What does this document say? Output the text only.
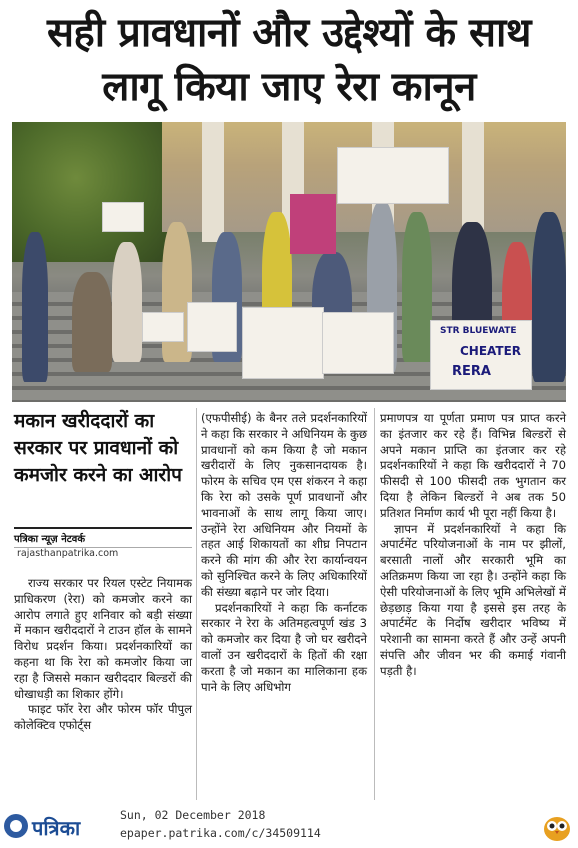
सही प्रावधानों और उद्देश्यों के साथ
लागू किया जाए रेरा कानून
STR BLUEWATE
CHEATER
RERA
मकान खरीददारों का सरकार पर प्रावधानों को कमजोर करने का आरोप
पत्रिका न्यूज़ नेटवर्क
rajasthanpatrika.com

राज्य सरकार पर रियल एस्टेट नियामक प्राधिकरण (रेरा) को कमजोर करने का आरोप लगाते हुए शनिवार को बड़ी संख्या में मकान खरीददारों ने टाउन हॉल के सामने विरोध प्रदर्शन किया। प्रदर्शनकारियों का कहना था कि रेरा को कमजोर किया जा रहा है जिससे मकान खरीददार बिल्डरों की धोखाधड़ी का शिकार होंगे।

फाइट फॉर रेरा और फोरम फॉर पीपुल कोलेक्टिव एफोर्ट्स

(एफपीसीई) के बैनर तले प्रदर्शनकारियों ने कहा कि सरकार ने अधिनियम के कुछ प्रावधानों को कम किया है जो मकान खरीदारों के लिए नुकसानदायक है। फोरम के सचिव एम एस शंकरन ने कहा कि रेरा को उसके पूर्ण प्रावधानों और भावनाओं के साथ लागू किया जाए। उन्होंने रेरा अधिनियम और नियमों के तहत आई शिकायतों का शीघ्र निपटान करने की मांग की और रेरा कार्यान्वयन को सुनिश्चित करने के लिए अधिकारियों की संख्या बढ़ाने पर जोर दिया।

प्रदर्शनकारियों ने कहा कि कर्नाटक सरकार ने रेरा के अतिमहत्वपूर्ण खंड 3 को कमजोर कर दिया है जो घर खरीदने वालों उन खरीददारों के हितों की रक्षा करता है जो मकान का मालिकाना हक पाने के लिए अधिभोग

प्रमाणपत्र या पूर्णता प्रमाण पत्र प्राप्त करने का इंतजार कर रहे हैं। विभिन्न बिल्डरों से अपने मकान प्राप्ति का इंतजार कर रहे प्रदर्शनकारियों ने कहा कि खरीददारों ने 70 फीसदी से 100 फीसदी तक भुगतान कर दिया है लेकिन बिल्डरों ने अब तक 50 प्रतिशत निर्माण कार्य भी पूरा नहीं किया है।

ज्ञापन में प्रदर्शनकारियों ने कहा कि अपार्टमेंट परियोजनाओं के नाम पर झीलों, बरसाती नालों और सरकारी भूमि का अतिक्रमण किया जा रहा है। उन्होंने कहा कि ऐसी परियोजनाओं के लिए भूमि अभिलेखों में छेड़छाड़ किया गया है इससे इस तरह के अपार्टमेंट के निर्दोष खरीदार भविष्य में परेशानी का सामना करते हैं और उन्हें अपनी संपत्ति और जीवन भर की कमाई गंवानी पड़ती है।

पत्रिका
Sun, 02 December 2018
epaper.patrika.com/c/34509114
